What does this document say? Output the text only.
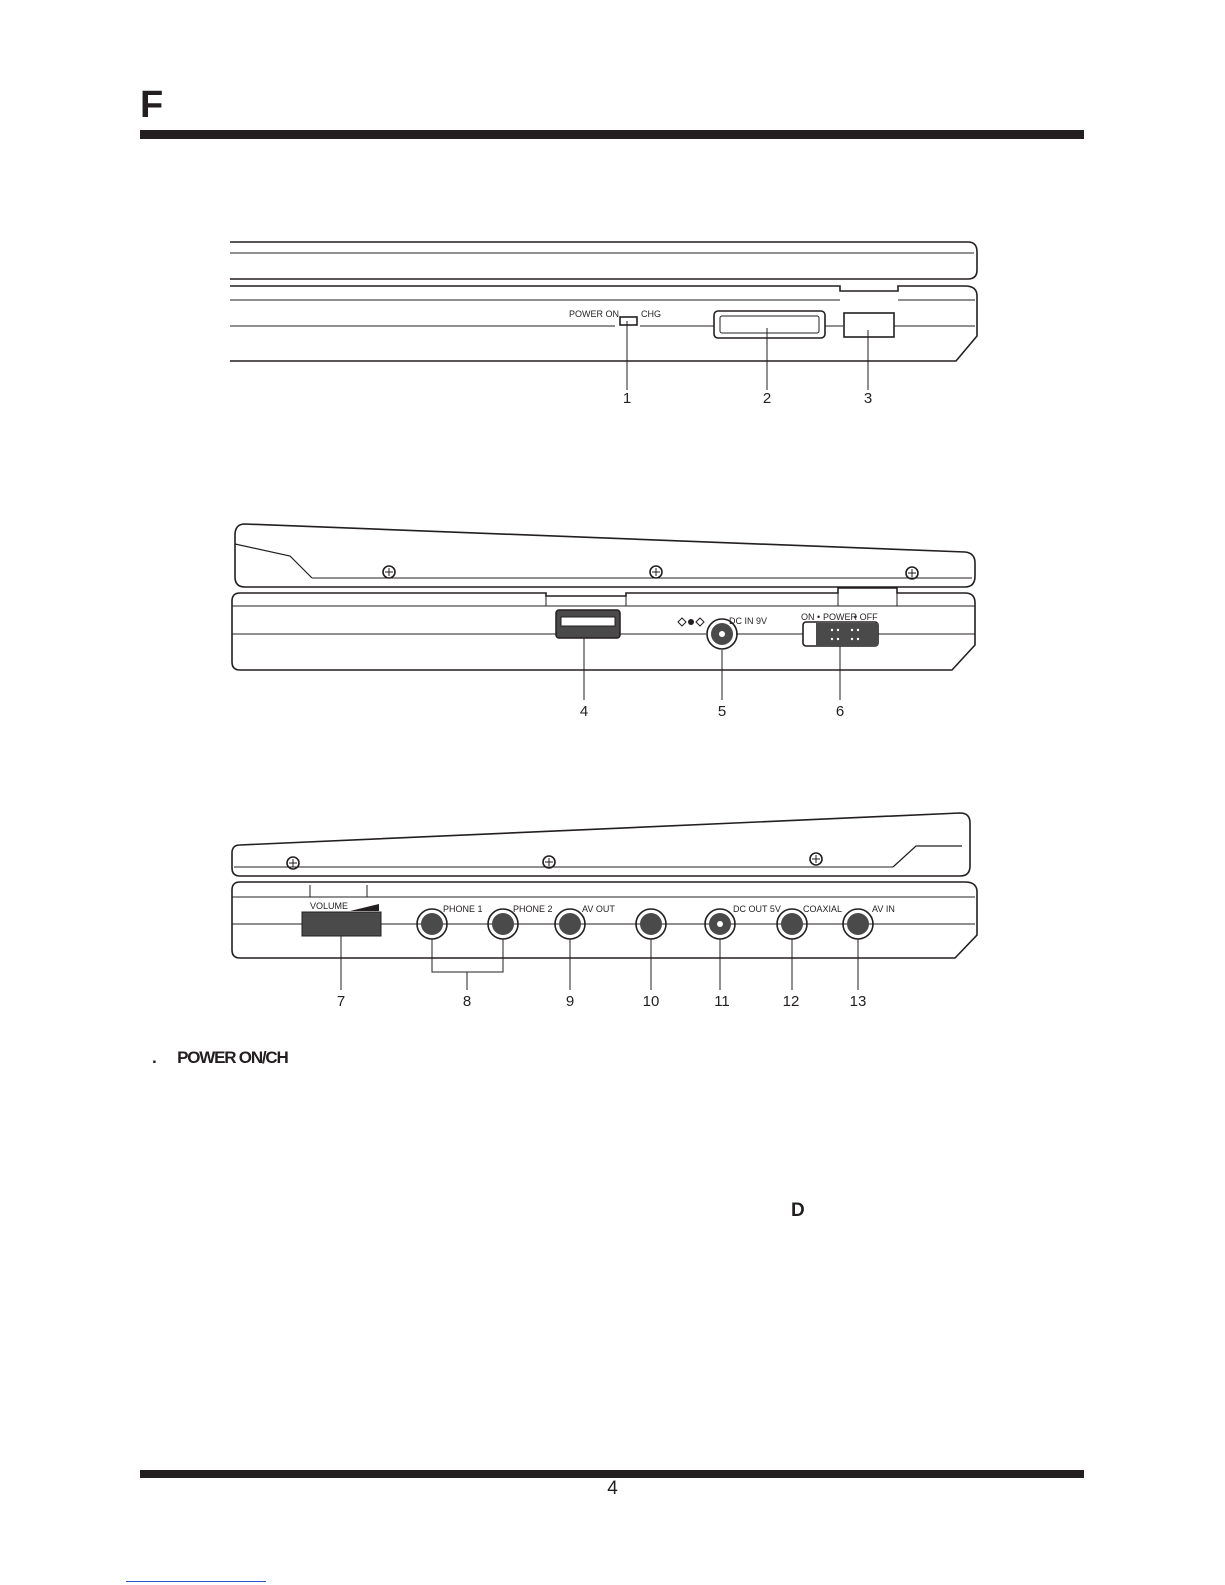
F
POWER ON CHG
1	2	3
DC IN 9V	ON • POWER
• OFF
4	5	6
VOLUME	PHONE 1	PHONE 2	AV OUT	DC OUT 5V COAXIAL	AV IN
7	8	9	10	11	12	13
. POWER ON/CH
D
4
